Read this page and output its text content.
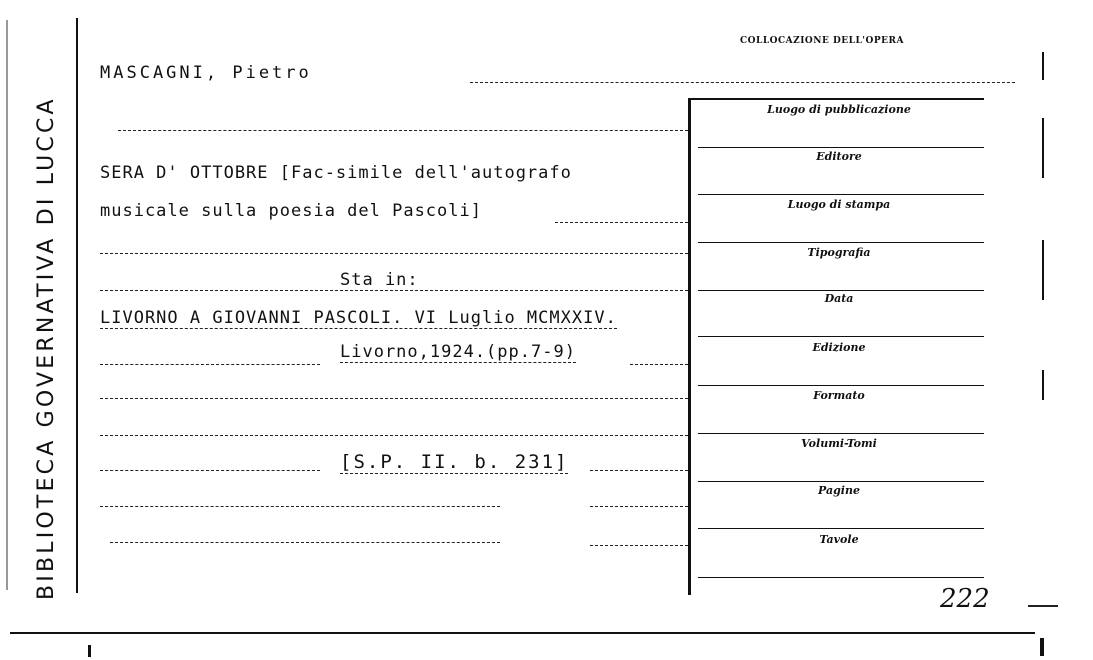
BIBLIOTECA GOVERNATIVA DI LUCCA
COLLOCAZIONE DELL'OPERA
MASCAGNI, Pietro
SERA D' OTTOBRE [Fac-simile dell'autografo
musicale sulla poesia del Pascoli]
Sta in:
LIVORNO A GIOVANNI PASCOLI. VI Luglio MCMXXIV.
Livorno,1924.(pp.7-9)
[S.P. II. b. 231]
Luogo di pubblicazione
Editore
Luogo di stampa
Tipografia
Data
Edizione
Formato
Volumi-Tomi
Pagine
Tavole
222
